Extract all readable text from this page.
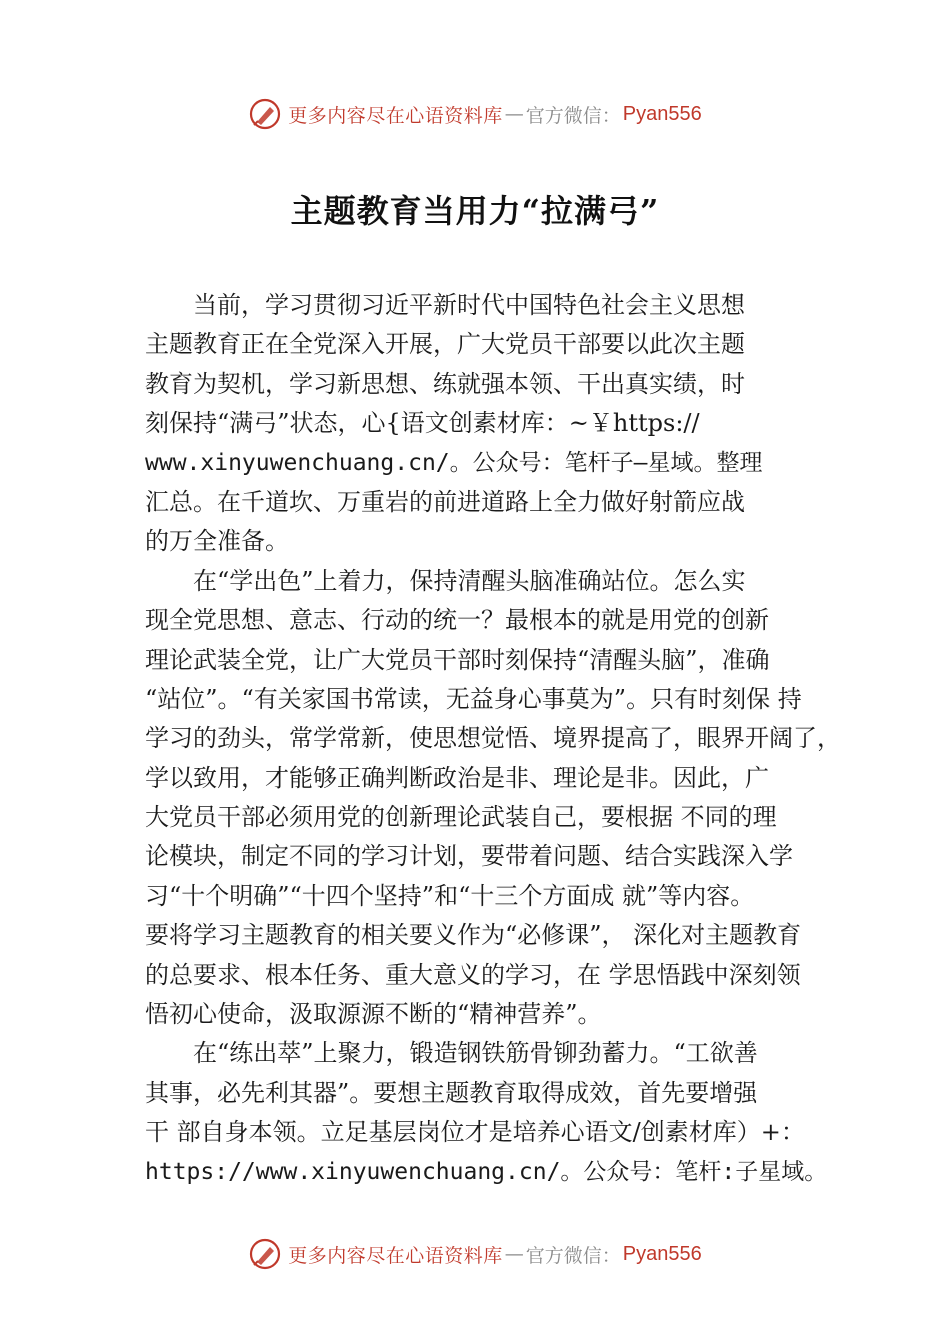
更多内容尽在心语资料库 — 官方微信： Pyan556
主题教育当用力“拉满弓”
当前，学习贯彻习近平新时代中国特色社会主义思想
主题教育正在全党深入开展，广大党员干部要以此次主题
教育为契机，学习新思想、练就强本领、干出真实绩，时
刻保持“满弓”状态，心{语文创素材库：~￥https://
www.xinyuwenchuang.cn/。公众号：笔杆子—星域。整理
汇总。在千道坎、万重岩的前进道路上全力做好射箭应战
的万全准备。
在“学出色”上着力，保持清醒头脑准确站位。怎么实
现全党思想、意志、行动的统一？最根本的就是用党的创新
理论武装全党，让广大党员干部时刻保持“清醒头脑”，准确
“站位”。“有关家国书常读，无益身心事莫为”。只有时刻保 持
学习的劲头，常学常新，使思想觉悟、境界提高了，眼界开阔了，
学以致用，才能够正确判断政治是非、理论是非。因此，广
大党员干部必须用党的创新理论武装自己，要根据 不同的理
论模块，制定不同的学习计划，要带着问题、结合实践深入学
习“十个明确”“十四个坚持”和“十三个方面成 就”等内容。
要将学习主题教育的相关要义作为“必修课”， 深化对主题教育
的总要求、根本任务、重大意义的学习，在 学思悟践中深刻领
悟初心使命，汲取源源不断的“精神营养”。
在“练出萃”上聚力，锻造钢铁筋骨铆劲蓄力。“工欲善
其事，必先利其器”。要想主题教育取得成效，首先要增强
干 部自身本领。立足基层岗位才是培养心语文/创素材库）+：
https://www.xinyuwenchuang.cn/。公众号：笔杆:子星域。
更多内容尽在心语资料库 — 官方微信： Pyan556
